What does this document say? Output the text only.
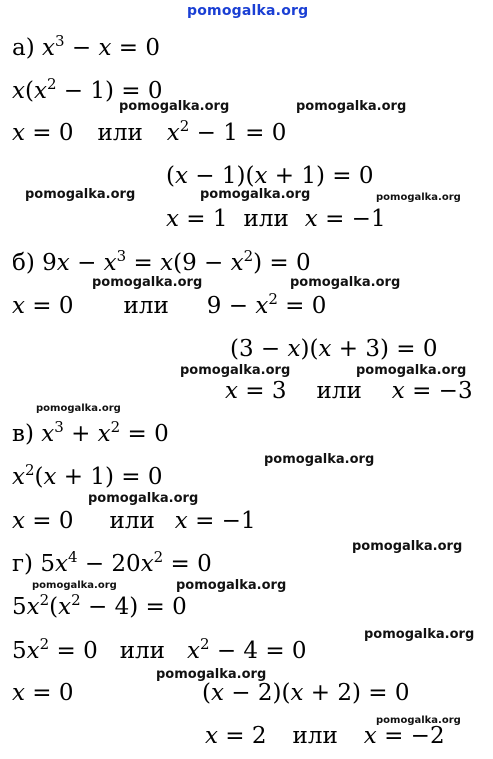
pomogalka.org
а) $x^3 - x = 0$
$x(x^2 - 1) = 0$
x = 0 или $x^2 - 1 = 0$
(x − 1)(x + 1) = 0
x = 1 или x = −1
б) $9x - x^3 = x(9 - x^2) = 0$
x = 0 или $9 - x^2 = 0$
(3 − x)(x + 3) = 0
x = 3 или x = −3
в) $x^3 + x^2 = 0$
$x^2(x + 1) = 0$
x = 0 или x = −1
г) $5x^4 - 20x^2 = 0$
$5x^2(x^2 - 4) = 0$
$5x^2 = 0$ или $x^2 - 4 = 0$
x = 0	(x − 2)(x + 2) = 0
x = 2 или x = −2
pomogalka.org	pomogalka.org
pomogalka.org	pomogalka.org	pomogalka.org
pomogalka.org	pomogalka.org
pomogalka.org	pomogalka.org
pomogalka.org
pomogalka.org
pomogalka.org
pomogalka.org
pomogalka.org	pomogalka.org
pomogalka.org
pomogalka.org
pomogalka.org
